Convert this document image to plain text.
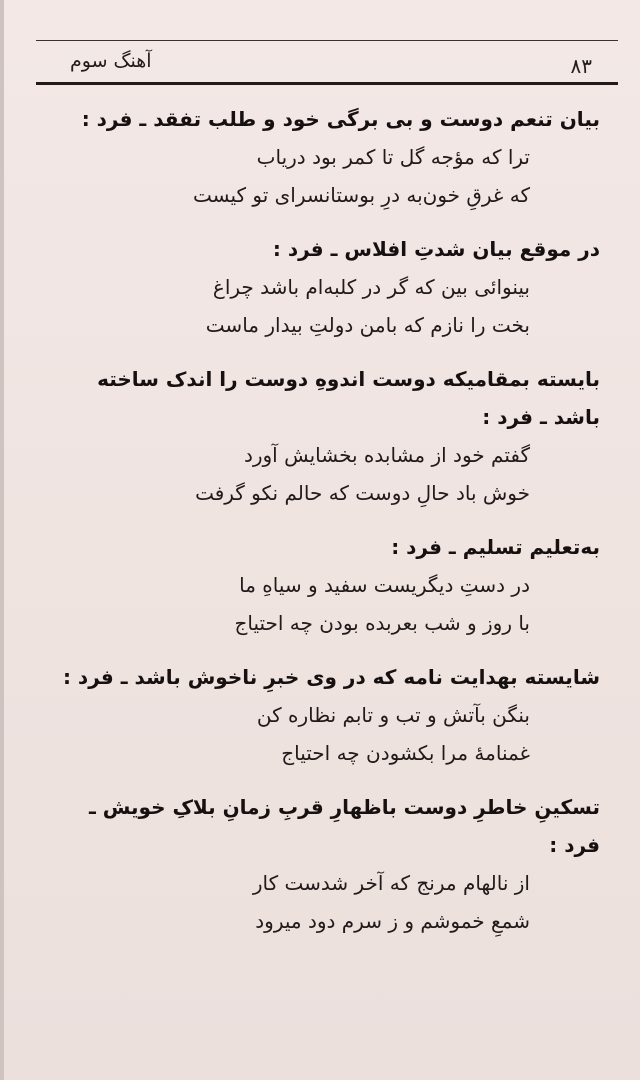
آهنگ سوم	۸۳
بیان تنعم دوست و بی برگی خود و طلب تفقد ـ فرد :
ترا که مؤجه گل تا کمر بود دریاب
که غرقِ خون‌به درِ بوستانسرای تو کیست
در موقع بیان شدتِ افلاس ـ فرد :
بینوائی بین که گر در کلبه‌ام باشد چراغ
بخت را نازم که بامن دولتِ بیدار ماست
بایسته بمقامیکه دوست اندوهِ دوست را اندک ساخته باشد ـ فرد :
گفتم خود از مشابده بخشایش آورد
خوش باد حالِ دوست که حالم نکو گرفت
به‌تعلیم تسلیم ـ فرد :
در دستِ دیگریست سفید و سیاهِ ما
با روز و شب بعربده بودن چه احتیاج
شایسته بهدایت نامه که در وی خبرِ ناخوش باشد ـ فرد :
بنگن بآتش و تب و تابم نظاره کن
غمنامهٔ مرا بکشودن چه احتیاج
تسکینِ خاطرِ دوست باظهارِ قربِ زمانِ بلاکِ خویش ـ فرد :
از نالهام مرنج که آخر شدست کار
شمعِ خموشم و ز سرم دود میرود
